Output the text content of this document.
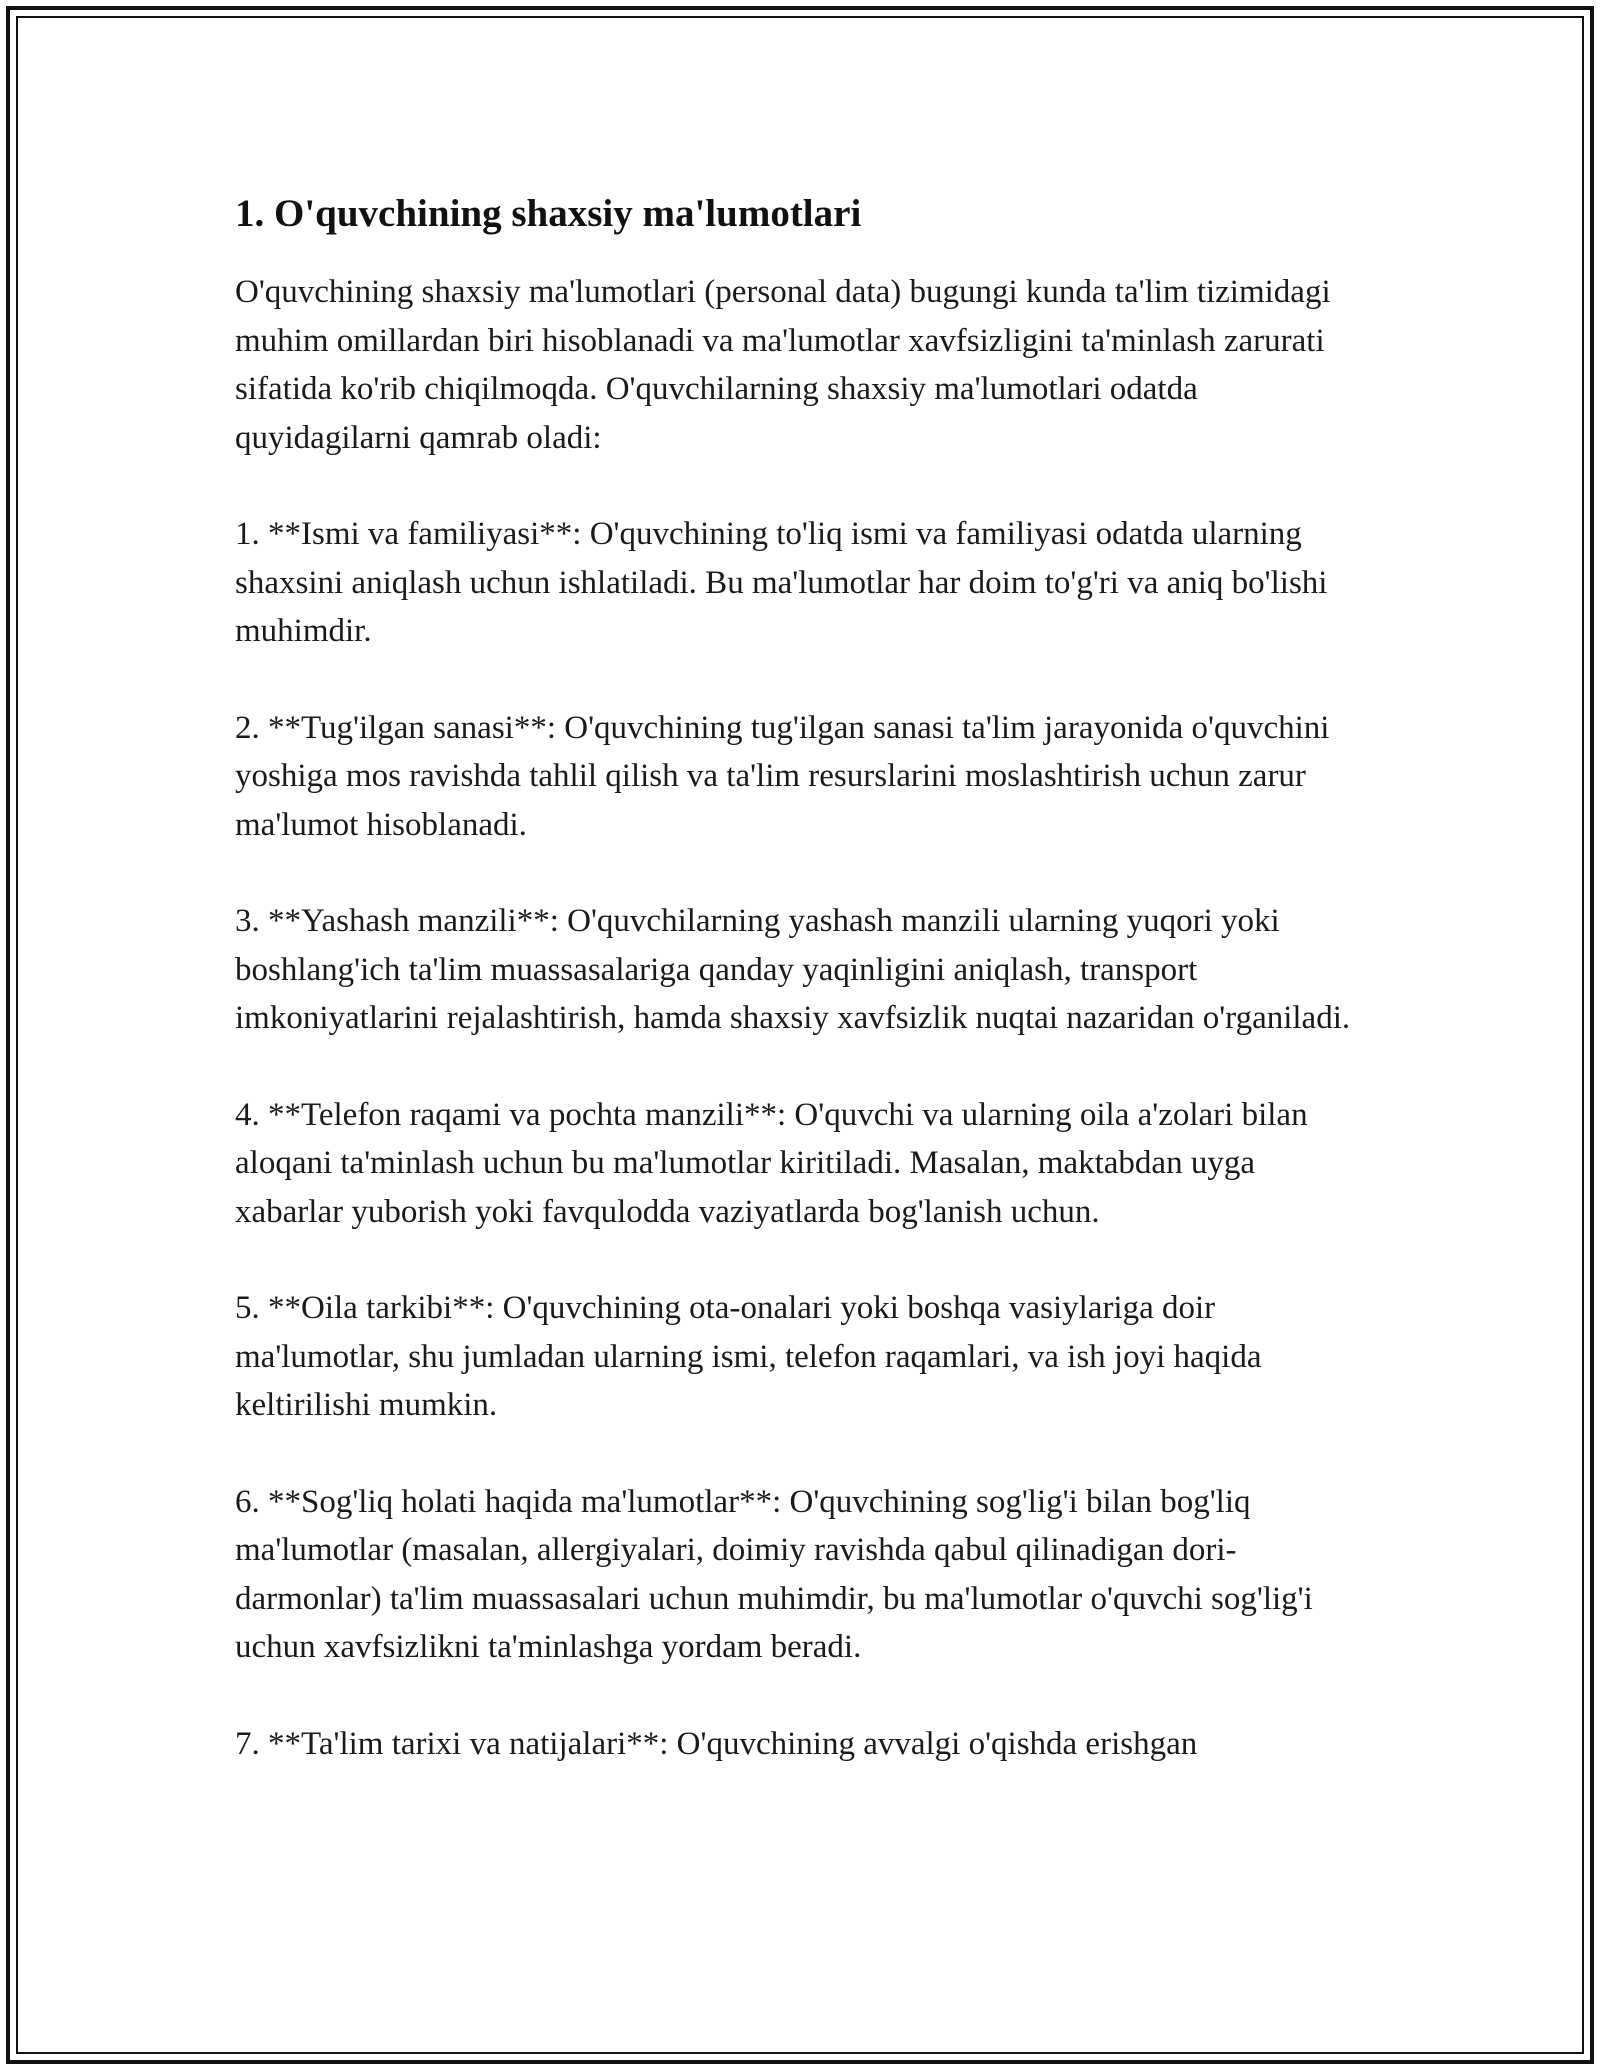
1. O'quvchining shaxsiy ma'lumotlari

O'quvchining shaxsiy ma'lumotlari (personal data) bugungi kunda ta'lim tizimidagi muhim omillardan biri hisoblanadi va ma'lumotlar xavfsizligini ta'minlash zarurati sifatida ko'rib chiqilmoqda. O'quvchilarning shaxsiy ma'lumotlari odatda quyidagilarni qamrab oladi:

1. **Ismi va familiyasi**: O'quvchining to'liq ismi va familiyasi odatda ularning shaxsini aniqlash uchun ishlatiladi. Bu ma'lumotlar har doim to'g'ri va aniq bo'lishi muhimdir.

2. **Tug'ilgan sanasi**: O'quvchining tug'ilgan sanasi ta'lim jarayonida o'quvchini yoshiga mos ravishda tahlil qilish va ta'lim resurslarini moslashtirish uchun zarur ma'lumot hisoblanadi.

3. **Yashash manzili**: O'quvchilarning yashash manzili ularning yuqori yoki boshlang'ich ta'lim muassasalariga qanday yaqinligini aniqlash, transport imkoniyatlarini rejalashtirish, hamda shaxsiy xavfsizlik nuqtai nazaridan o'rganiladi.

4. **Telefon raqami va pochta manzili**: O'quvchi va ularning oila a'zolari bilan aloqani ta'minlash uchun bu ma'lumotlar kiritiladi. Masalan, maktabdan uyga xabarlar yuborish yoki favqulodda vaziyatlarda bog'lanish uchun.

5. **Oila tarkibi**: O'quvchining ota-onalari yoki boshqa vasiylariga doir ma'lumotlar, shu jumladan ularning ismi, telefon raqamlari, va ish joyi haqida keltirilishi mumkin.

6. **Sog'liq holati haqida ma'lumotlar**: O'quvchining sog'lig'i bilan bog'liq ma'lumotlar (masalan, allergiyalari, doimiy ravishda qabul qilinadigan dori-darmonlar) ta'lim muassasalari uchun muhimdir, bu ma'lumotlar o'quvchi sog'lig'i uchun xavfsizlikni ta'minlashga yordam beradi.

7. **Ta'lim tarixi va natijalari**: O'quvchining avvalgi o'qishda erishgan
